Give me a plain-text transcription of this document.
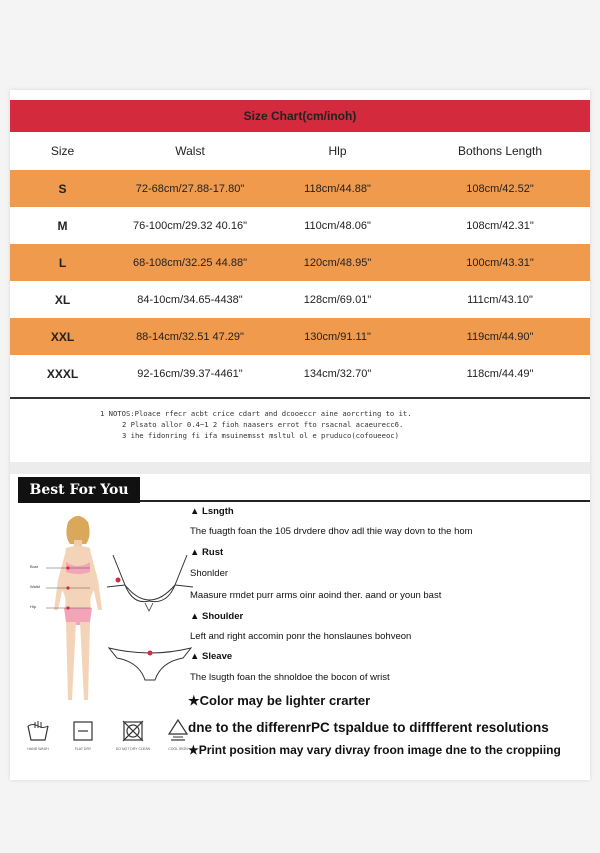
Size Chart(cm/inoh)
Size	Walst	Hlp	Bothons Length
S	72-68cm/27.88-17.80"	118cm/44.88"	108cm/42.52"
M	76-100cm/29.32 40.16"	110cm/48.06"	108cm/42.31"
L	68-108cm/32.25 44.88"	120cm/48.95"	100cm/43.31"
XL	84-10cm/34.65-4438"	128cm/69.01"	111cm/43.10"
XXL	88-14cm/32.51 47.29"	130cm/91.11"	119cm/44.90"
XXXL	92-16cm/39.37-4461"	134cm/32.70"	118cm/44.49"
1 NOTOS:Ploace rfecr acbt crice cdart and dcooeccr aine aorcrting to it.
2 Plsato allor 0.4~1 2 fioh naasers errot fto rsacnal acaeurecc6.
3 ihe fidonring fi ifa msuinemsst msltul ol e pruduco(cofoueeoc)
Best For You
Bust
Waist
Hip
▲ Lsngth
The fuagth foan the 105 drvdere dhov adl thie way dovn to the hom
▲ Rust
Shonlder
Maasure rmdet purr arms oinr aoind ther. aand or youn bast
▲ Shoulder
Left and right accomin ponr the honslaunes bohveon
▲ Sleave
The lsugth foan the shnoldoe the bocon of wrist
★Color may be lighter crarter
dne to the differenrPC tspaldue to difffferent resolutions
★Print position may vary divray froon image dne to the croppiing
HAND WASH	FLAT DRY	DO NOT DRY CLEAN	COOL IRON
